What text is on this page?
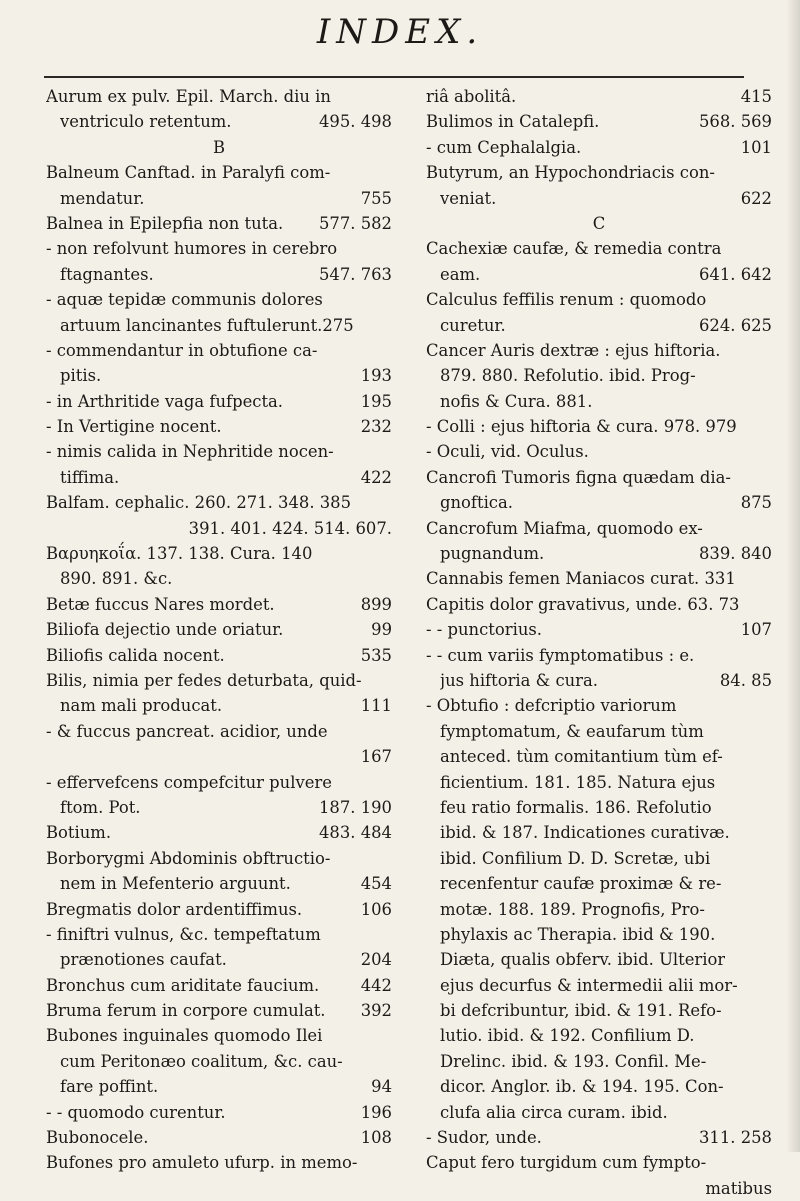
INDEX.
Aurum ex pulv. Epil. March. diu in
ventriculo retentum.	495. 498
B
Balneum Canftad. in Paralyfi com-
mendatur.	755
Balnea in Epilepfia non tuta.	577. 582
- non refolvunt humores in cerebro
ftagnantes.	547. 763
- aquæ tepidæ communis dolores
artuum lancinantes fuftulerunt.275
- commendantur in obtufione ca-
pitis.	193
- in Arthritide vaga fufpecta.	195
- In Vertigine nocent.	232
- nimis calida in Nephritide nocen-
tiffima.	422
Balfam. cephalic. 260. 271. 348. 385
391. 401. 424. 514. 607.
Βαρυηκοΐα. 137. 138. Cura. 140
890. 891. &c.
Betæ fuccus Nares mordet.	899
Biliofa dejectio unde oriatur.	99
Biliofis calida nocent.	535
Bilis, nimia per fedes deturbata, quid-
nam mali producat.	111
- & fuccus pancreat. acidior, unde
167
- effervefcens compefcitur pulvere
ftom. Pot.	187. 190
Botium.	483. 484
Borborygmi Abdominis obftructio-
nem in Mefenterio arguunt.	454
Bregmatis dolor ardentiffimus.	106
- finiftri vulnus, &c. tempeftatum
prænotiones caufat.	204
Bronchus cum ariditate faucium.	442
Bruma ferum in corpore cumulat.	392
Bubones inguinales quomodo Ilei
cum Peritonæo coalitum, &c. cau-
fare poffint.	94
- - quomodo curentur.	196
Bubonocele.	108
Bufones pro amuleto ufurp. in memo-
riâ abolitâ.	415
Bulimos in Catalepfi.	568. 569
- cum Cephalalgia.	101
Butyrum, an Hypochondriacis con-
veniat.	622
C
Cachexiæ caufæ, & remedia contra
eam.	641. 642
Calculus feffilis renum : quomodo
curetur.	624. 625
Cancer Auris dextræ : ejus hiftoria.
879. 880. Refolutio. ibid. Prog-
nofis & Cura. 881.
- Colli : ejus hiftoria & cura. 978. 979
- Oculi, vid. Oculus.
Cancrofi Tumoris figna quædam dia-
gnoftica.	875
Cancrofum Miafma, quomodo ex-
pugnandum.	839. 840
Cannabis femen Maniacos curat. 331
Capitis dolor gravativus, unde. 63. 73
- - punctorius.	107
- - cum variis fymptomatibus : e.
jus hiftoria & cura.	84. 85
- Obtufio : defcriptio variorum
fymptomatum, & eaufarum tùm
anteced. tùm comitantium tùm ef-
ficientium. 181. 185. Natura ejus
feu ratio formalis. 186. Refolutio
ibid. & 187. Indicationes curativæ.
ibid. Confilium D. D. Scretæ, ubi
recenfentur caufæ proximæ & re-
motæ. 188. 189. Prognofis, Pro-
phylaxis ac Therapia. ibid & 190.
Diæta, qualis obferv. ibid. Ulterior
ejus decurfus & intermedii alii mor-
bi defcribuntur, ibid. & 191. Refo-
lutio. ibid. & 192. Confilium D.
Drelinc. ibid. & 193. Confil. Me-
dicor. Anglor. ib. & 194. 195. Con-
clufa alia circa curam. ibid.
- Sudor, unde.	311. 258
Caput fero turgidum cum fympto-
matibus
